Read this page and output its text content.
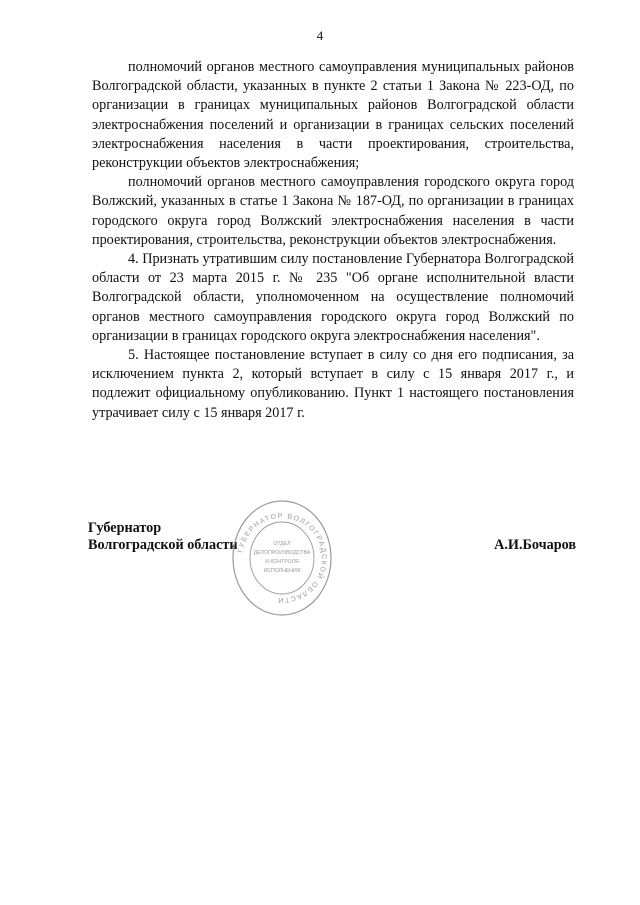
4

полномочий органов местного самоуправления муниципальных районов Волгоградской области, указанных в пункте 2 статьи 1 Закона № 223-ОД, по организации в границах муниципальных районов Волгоградской области электроснабжения поселений и организации в границах сельских поселений электроснабжения населения в части проектирования, строительства, реконструкции объектов электроснабжения;

полномочий органов местного самоуправления городского округа город Волжский, указанных в статье 1 Закона № 187-ОД, по организации в границах городского округа город Волжский электроснабжения населения в части проектирования, строительства, реконструкции объектов электроснабжения.

4. Признать утратившим силу постановление Губернатора Волгоградской области от 23 марта 2015 г. № 235 "Об органе исполнительной власти Волгоградской области, уполномоченном на осуществление полномочий органов местного самоуправления городского округа город Волжский по организации в границах городского округа электроснабжения населения".

5. Настоящее постановление вступает в силу со дня его подписания, за исключением пункта 2, который вступает в силу с 15 января 2017 г., и подлежит официальному опубликованию. Пункт 1 настоящего постановления утрачивает силу с 15 января 2017 г.

Губернатор
Волгоградской области	А.И.Бочаров
ГУБЕРНАТОР ВОЛГОГРАДСКОЙ ОБЛАСТИ
ОТДЕЛ
ДЕЛОПРОИЗВОДСТВА
И КОНТРОЛЯ
ИСПОЛНЕНИЯ
